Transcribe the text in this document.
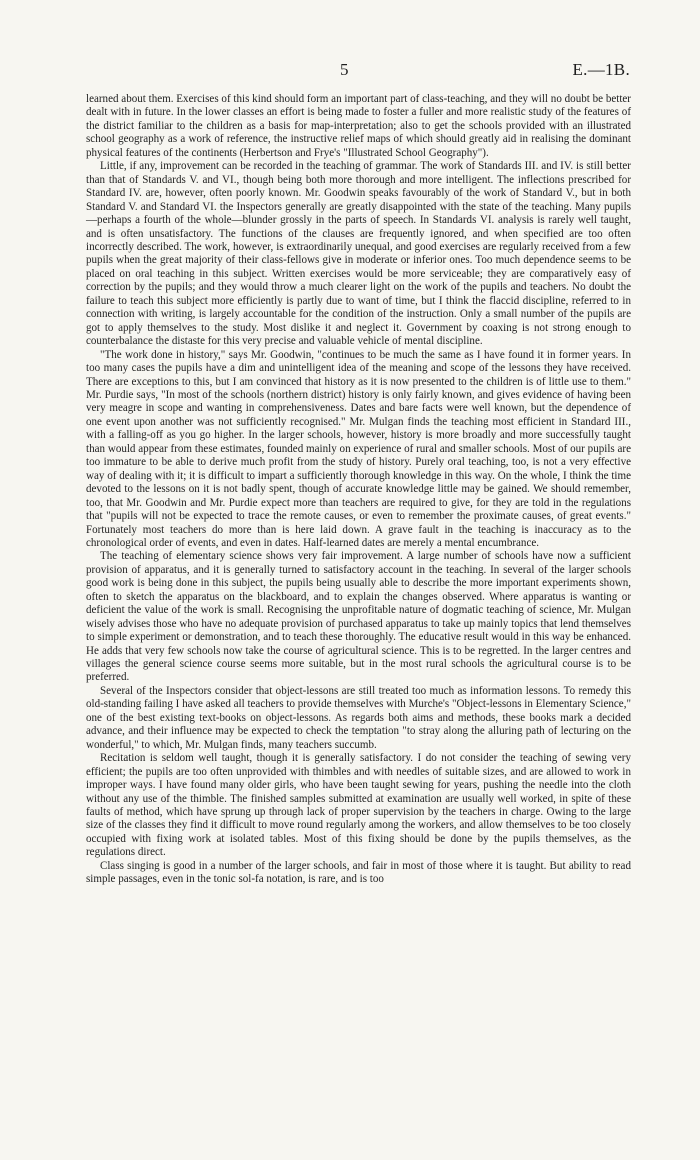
5	E.—1B.

learned about them. Exercises of this kind should form an important part of class-teaching, and they will no doubt be better dealt with in future. In the lower classes an effort is being made to foster a fuller and more realistic study of the features of the district familiar to the children as a basis for map-interpretation; also to get the schools provided with an illustrated school geography as a work of reference, the instructive relief maps of which should greatly aid in realising the dominant physical features of the continents (Herbertson and Frye's "Illustrated School Geography").

Little, if any, improvement can be recorded in the teaching of grammar. The work of Standards III. and IV. is still better than that of Standards V. and VI., though being both more thorough and more intelligent. The inflections prescribed for Standard IV. are, however, often poorly known. Mr. Goodwin speaks favourably of the work of Standard V., but in both Standard V. and Standard VI. the Inspectors generally are greatly disappointed with the state of the teaching. Many pupils—perhaps a fourth of the whole—blunder grossly in the parts of speech. In Standards VI. analysis is rarely well taught, and is often unsatisfactory. The functions of the clauses are frequently ignored, and when specified are too often incorrectly described. The work, however, is extraordinarily unequal, and good exercises are regularly received from a few pupils when the great majority of their class-fellows give in moderate or inferior ones. Too much dependence seems to be placed on oral teaching in this subject. Written exercises would be more serviceable; they are comparatively easy of correction by the pupils; and they would throw a much clearer light on the work of the pupils and teachers. No doubt the failure to teach this subject more efficiently is partly due to want of time, but I think the flaccid discipline, referred to in connection with writing, is largely accountable for the condition of the instruction. Only a small number of the pupils are got to apply themselves to the study. Most dislike it and neglect it. Government by coaxing is not strong enough to counterbalance the distaste for this very precise and valuable vehicle of mental discipline.

"The work done in history," says Mr. Goodwin, "continues to be much the same as I have found it in former years. In too many cases the pupils have a dim and unintelligent idea of the meaning and scope of the lessons they have received. There are exceptions to this, but I am convinced that history as it is now presented to the children is of little use to them." Mr. Purdie says, "In most of the schools (northern district) history is only fairly known, and gives evidence of having been very meagre in scope and wanting in comprehensiveness. Dates and bare facts were well known, but the dependence of one event upon another was not sufficiently recognised." Mr. Mulgan finds the teaching most efficient in Standard III., with a falling-off as you go higher. In the larger schools, however, history is more broadly and more successfully taught than would appear from these estimates, founded mainly on experience of rural and smaller schools. Most of our pupils are too immature to be able to derive much profit from the study of history. Purely oral teaching, too, is not a very effective way of dealing with it; it is difficult to impart a sufficiently thorough knowledge in this way. On the whole, I think the time devoted to the lessons on it is not badly spent, though of accurate knowledge little may be gained. We should remember, too, that Mr. Goodwin and Mr. Purdie expect more than teachers are required to give, for they are told in the regulations that "pupils will not be expected to trace the remote causes, or even to remember the proximate causes, of great events." Fortunately most teachers do more than is here laid down. A grave fault in the teaching is inaccuracy as to the chronological order of events, and even in dates. Half-learned dates are merely a mental encumbrance.

The teaching of elementary science shows very fair improvement. A large number of schools have now a sufficient provision of apparatus, and it is generally turned to satisfactory account in the teaching. In several of the larger schools good work is being done in this subject, the pupils being usually able to describe the more important experiments shown, often to sketch the apparatus on the blackboard, and to explain the changes observed. Where apparatus is wanting or deficient the value of the work is small. Recognising the unprofitable nature of dogmatic teaching of science, Mr. Mulgan wisely advises those who have no adequate provision of purchased apparatus to take up mainly topics that lend themselves to simple experiment or demonstration, and to teach these thoroughly. The educative result would in this way be enhanced. He adds that very few schools now take the course of agricultural science. This is to be regretted. In the larger centres and villages the general science course seems more suitable, but in the most rural schools the agricultural course is to be preferred.

Several of the Inspectors consider that object-lessons are still treated too much as information lessons. To remedy this old-standing failing I have asked all teachers to provide themselves with Murche's "Object-lessons in Elementary Science," one of the best existing text-books on object-lessons. As regards both aims and methods, these books mark a decided advance, and their influence may be expected to check the temptation "to stray along the alluring path of lecturing on the wonderful," to which, Mr. Mulgan finds, many teachers succumb.

Recitation is seldom well taught, though it is generally satisfactory. I do not consider the teaching of sewing very efficient; the pupils are too often unprovided with thimbles and with needles of suitable sizes, and are allowed to work in improper ways. I have found many older girls, who have been taught sewing for years, pushing the needle into the cloth without any use of the thimble. The finished samples submitted at examination are usually well worked, in spite of these faults of method, which have sprung up through lack of proper supervision by the teachers in charge. Owing to the large size of the classes they find it difficult to move round regularly among the workers, and allow themselves to be too closely occupied with fixing work at isolated tables. Most of this fixing should be done by the pupils themselves, as the regulations direct.

Class singing is good in a number of the larger schools, and fair in most of those where it is taught. But ability to read simple passages, even in the tonic sol-fa notation, is rare, and is too
